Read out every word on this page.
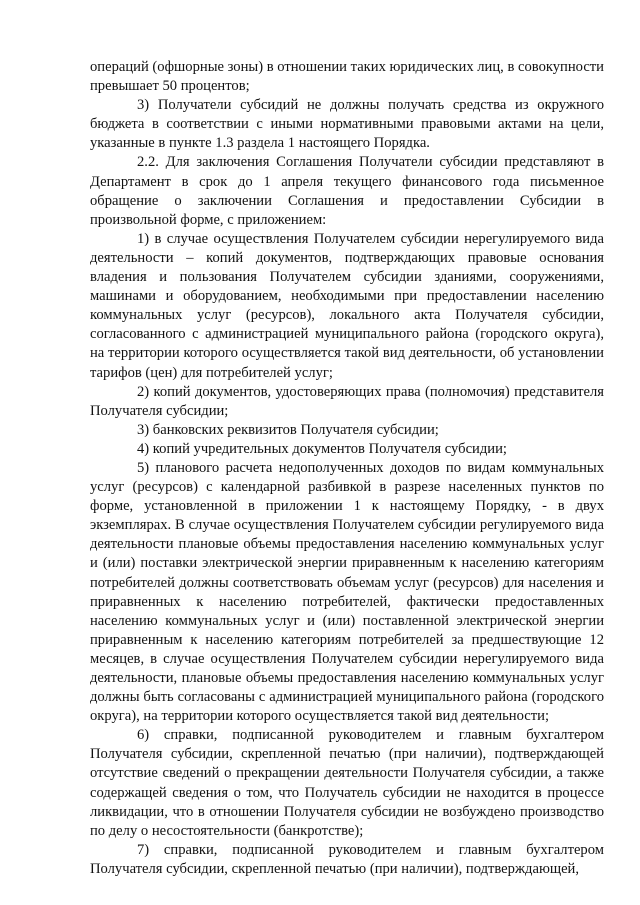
операций (офшорные зоны) в отношении таких юридических лиц, в совокупности превышает 50 процентов;

3) Получатели субсидий не должны получать средства из окружного бюджета в соответствии с иными нормативными правовыми актами на цели, указанные в пункте 1.3 раздела 1 настоящего Порядка.

2.2. Для заключения Соглашения Получатели субсидии представляют в Департамент в срок до 1 апреля текущего финансового года письменное обращение о заключении Соглашения и предоставлении Субсидии в произвольной форме, с приложением:

1) в случае осуществления Получателем субсидии нерегулируемого вида деятельности – копий документов, подтверждающих правовые основания владения и пользования Получателем субсидии зданиями, сооружениями, машинами и оборудованием, необходимыми при предоставлении населению коммунальных услуг (ресурсов), локального акта Получателя субсидии, согласованного с администрацией муниципального района (городского округа), на территории которого осуществляется такой вид деятельности, об установлении тарифов (цен) для потребителей услуг;

2) копий документов, удостоверяющих права (полномочия) представителя Получателя субсидии;

3) банковских реквизитов Получателя субсидии;

4) копий учредительных документов Получателя субсидии;

5) планового расчета недополученных доходов по видам коммунальных услуг (ресурсов) с календарной разбивкой в разрезе населенных пунктов по форме, установленной в приложении 1 к настоящему Порядку, - в двух экземплярах. В случае осуществления Получателем субсидии регулируемого вида деятельности плановые объемы предоставления населению коммунальных услуг и (или) поставки электрической энергии приравненным к населению категориям потребителей должны соответствовать объемам услуг (ресурсов) для населения и приравненных к населению потребителей, фактически предоставленных населению коммунальных услуг и (или) поставленной электрической энергии приравненным к населению категориям потребителей за предшествующие 12 месяцев, в случае осуществления Получателем субсидии нерегулируемого вида деятельности, плановые объемы предоставления населению коммунальных услуг должны быть согласованы с администрацией муниципального района (городского округа), на территории которого осуществляется такой вид деятельности;

6) справки, подписанной руководителем и главным бухгалтером Получателя субсидии, скрепленной печатью (при наличии), подтверждающей отсутствие сведений о прекращении деятельности Получателя субсидии, а также содержащей сведения о том, что Получатель субсидии не находится в процессе ликвидации, что в отношении Получателя субсидии не возбуждено производство по делу о несостоятельности (банкротстве);

7) справки, подписанной руководителем и главным бухгалтером Получателя субсидии, скрепленной печатью (при наличии), подтверждающей,
